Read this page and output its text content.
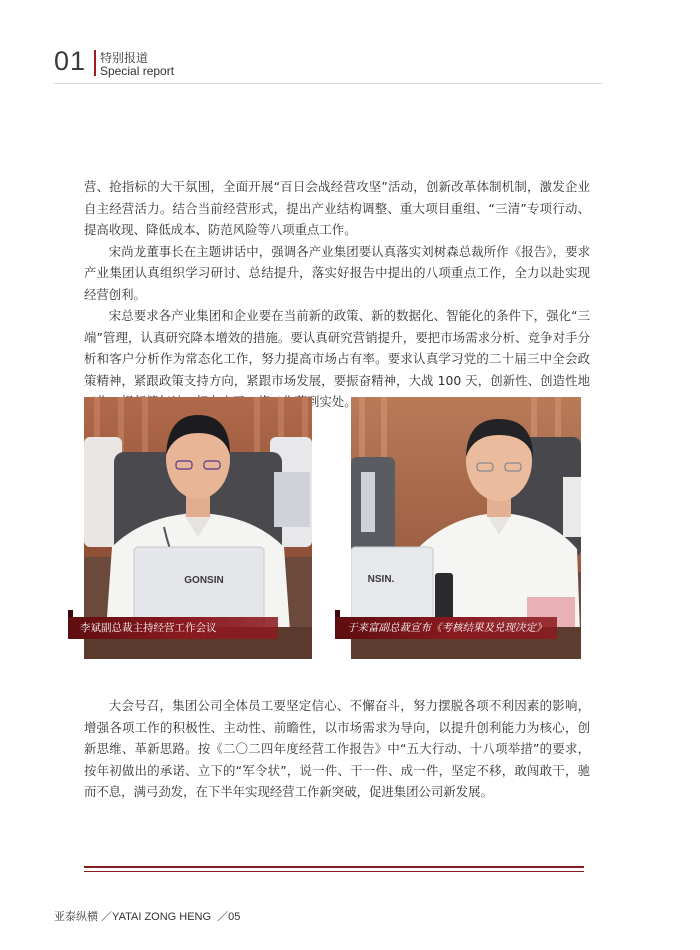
01 特别报道
Special report

营、抢指标的大干氛围，全面开展“百日会战经营攻坚”活动，创新改革体制机制，激发企业自主经营活力。结合当前经营形式，提出产业结构调整、重大项目重组、“三清”专项行动、提高收现、降低成本、防范风险等八项重点工作。

宋尚龙董事长在主题讲话中，强调各产业集团要认真落实刘树森总裁所作《报告》，要求产业集团认真组织学习研讨、总结提升，落实好报告中提出的八项重点工作，全力以赴实现经营创利。

宋总要求各产业集团和企业要在当前新的政策、新的数据化、智能化的条件下，强化“三端”管理，认真研究降本增效的措施。要认真研究营销提升，要把市场需求分析、竞争对手分析和客户分析作为常态化工作，努力提高市场占有率。要求认真学习党的二十届三中全会政策精神，紧跟政策支持方向，紧跟市场发展，要振奋精神，大战 100 天，创新性、创造性地 到实处。

GONSIN	NSIN.
李斌副总裁主持经营工作会议	于来富副总裁宣布《考核结果及兑现决定》

大会号召，集团公司全体员工要坚定信心、不懈奋斗，努力摆脱各项不利因素的影响，增强各项工作的积极性、主动性、前瞻性，以市场需求为导向，以提升创利能力为核心，创新思维、革新思路。按《二〇二四年度经营工作报告》中“五大行动、十八项举措”的要求，按年初做出的承诺、立下的“军令状”，说一件、干一件、成一件，坚定不移，敢闯敢干，驰而不息，满弓劲发，在下半年实现经营工作新突破，促进集团公司新发展。

亚泰纵横 ／YATAI ZONG HENG  ／05
